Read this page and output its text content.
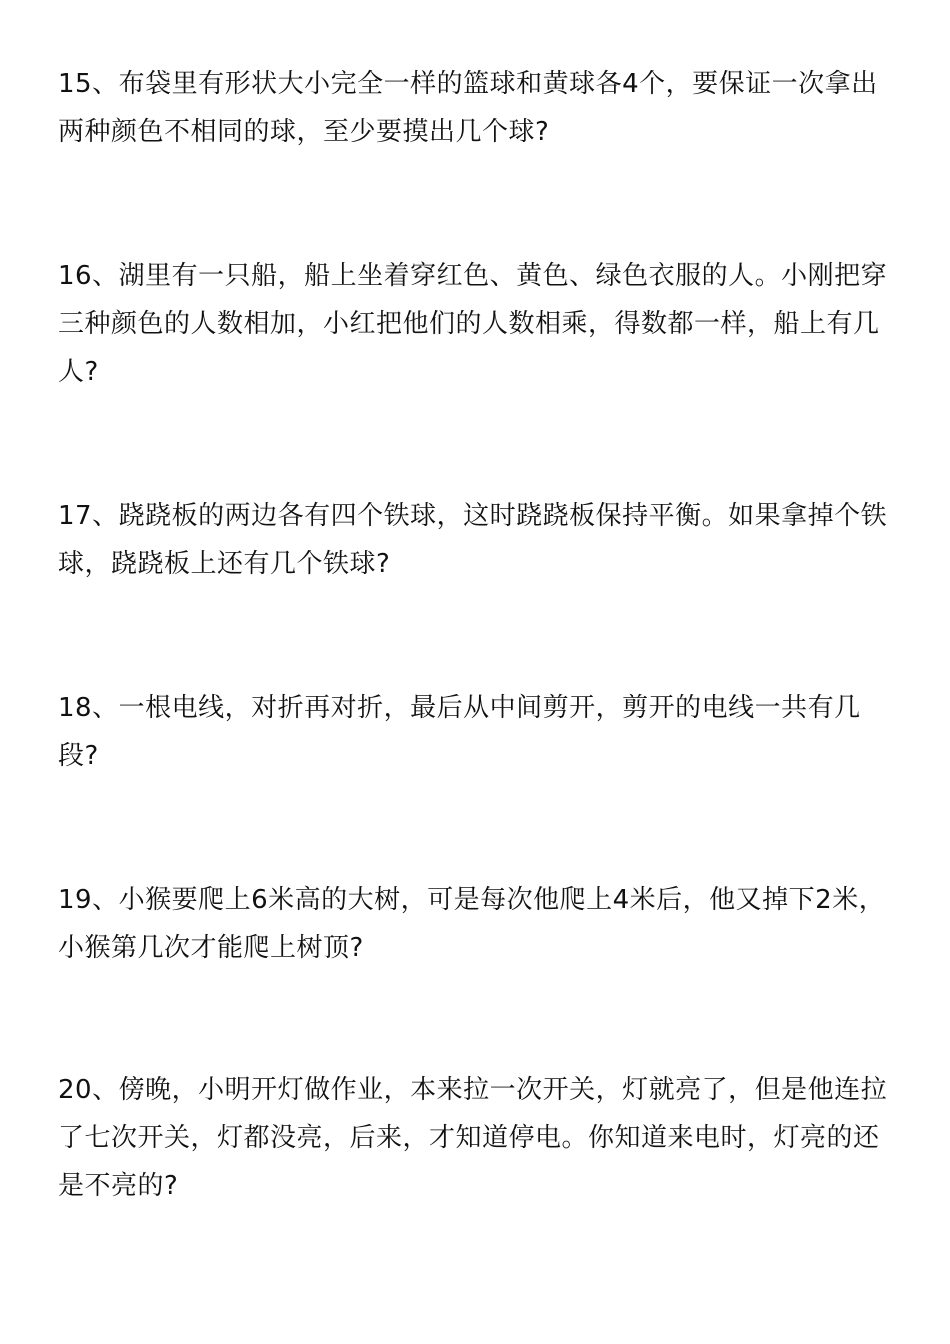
15、布袋里有形状大小完全一样的篮球和黄球各4个，要保证一次拿出两种颜色不相同的球，至少要摸出几个球?

16、湖里有一只船，船上坐着穿红色、黄色、绿色衣服的人。小刚把穿三种颜色的人数相加，小红把他们的人数相乘，得数都一样，船上有几人?

17、跷跷板的两边各有四个铁球，这时跷跷板保持平衡。如果拿掉个铁球，跷跷板上还有几个铁球?

18、一根电线，对折再对折，最后从中间剪开，剪开的电线一共有几段?

19、小猴要爬上6米高的大树，可是每次他爬上4米后，他又掉下2米，小猴第几次才能爬上树顶?

20、傍晚，小明开灯做作业，本来拉一次开关，灯就亮了，但是他连拉了七次开关，灯都没亮，后来，才知道停电。你知道来电时，灯亮的还是不亮的?
